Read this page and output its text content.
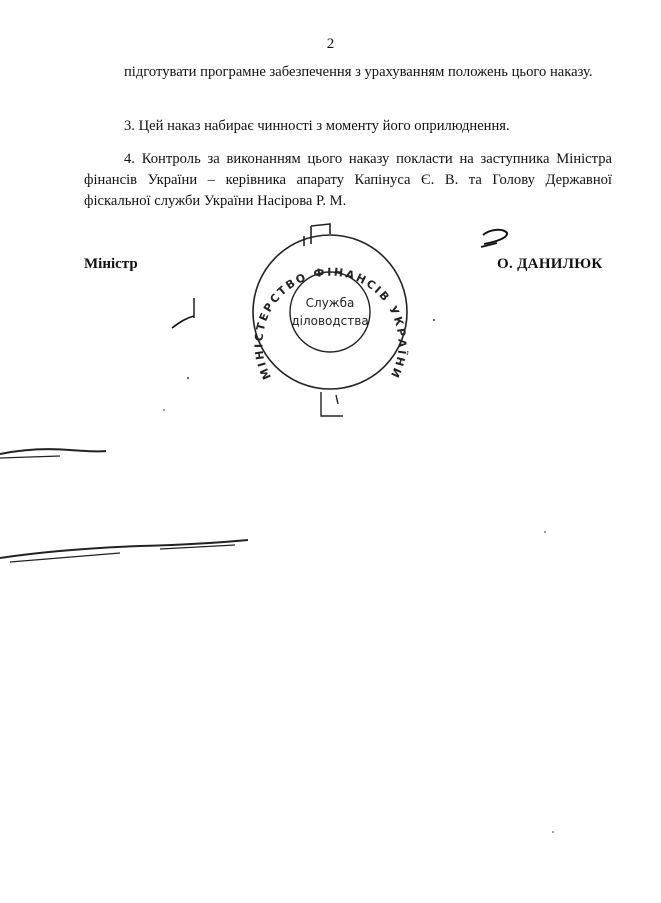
2
підготувати програмне забезпечення з урахуванням положень цього наказу.
3. Цей наказ набирає чинності з моменту його оприлюднення.
4. Контроль за виконанням цього наказу покласти на заступника Міністра фінансів України – керівника апарату Капінуса Є. В. та Голову Державної фіскальної служби України Насірова Р. М.
Міністр	О. ДАНИЛЮК
МІНІСТЕРСТВО ФІНАНСІВ УКРАЇНИ
Служба
діловодства
